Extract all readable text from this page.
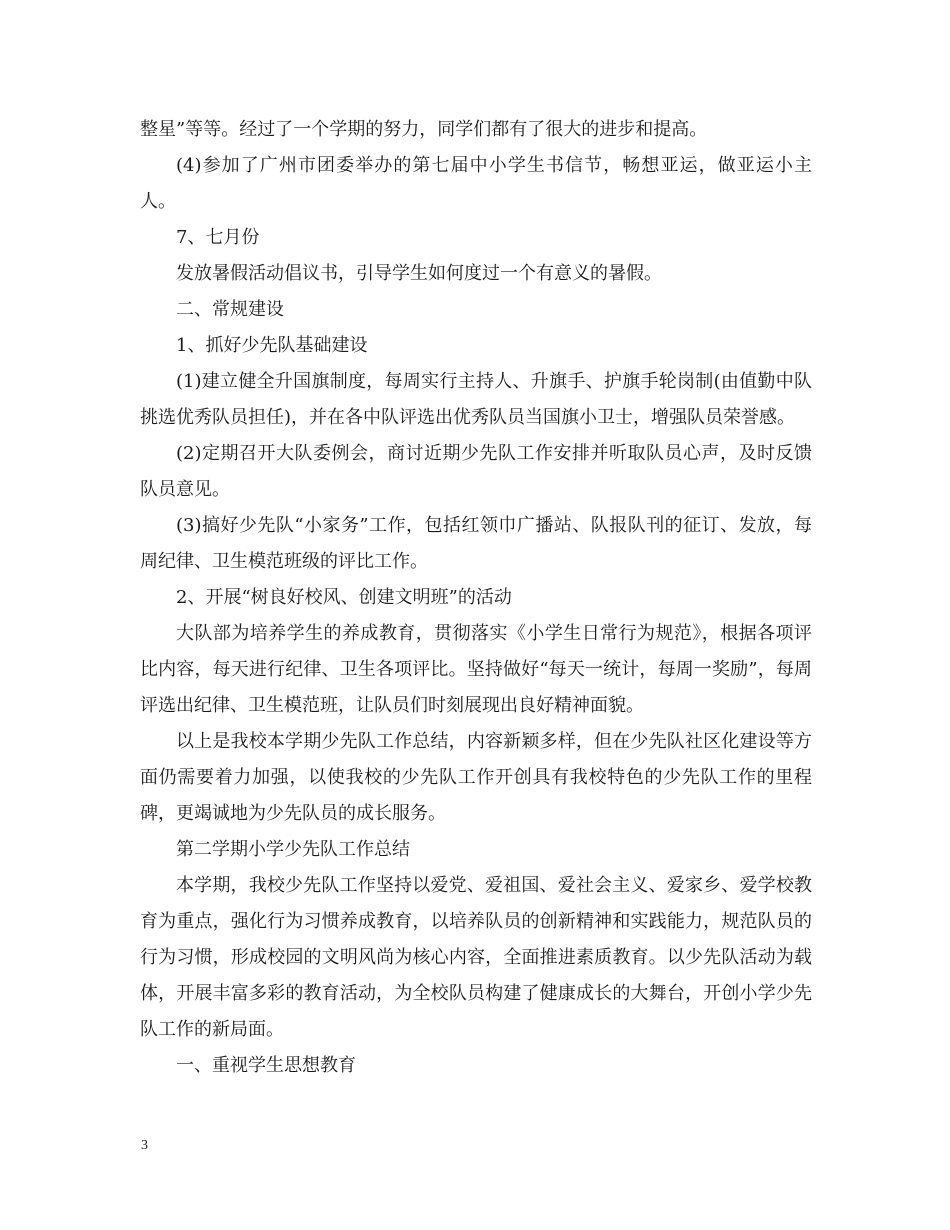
整星”等等。经过了一个学期的努力，同学们都有了很大的进步和提高。

(4)参加了广州市团委举办的第七届中小学生书信节，畅想亚运，做亚运小主人。

7、七月份

发放暑假活动倡议书，引导学生如何度过一个有意义的暑假。

二、常规建设

1、抓好少先队基础建设

(1)建立健全升国旗制度，每周实行主持人、升旗手、护旗手轮岗制(由值勤中队挑选优秀队员担任)，并在各中队评选出优秀队员当国旗小卫士，增强队员荣誉感。

(2)定期召开大队委例会，商讨近期少先队工作安排并听取队员心声，及时反馈队员意见。

(3)搞好少先队“小家务”工作，包括红领巾广播站、队报队刊的征订、发放，每周纪律、卫生模范班级的评比工作。

2、开展“树良好校风、创建文明班”的活动

大队部为培养学生的养成教育，贯彻落实《小学生日常行为规范》，根据各项评比内容，每天进行纪律、卫生各项评比。坚持做好“每天一统计，每周一奖励”，每周评选出纪律、卫生模范班，让队员们时刻展现出良好精神面貌。

以上是我校本学期少先队工作总结，内容新颖多样，但在少先队社区化建设等方面仍需要着力加强，以使我校的少先队工作开创具有我校特色的少先队工作的里程碑，更竭诚地为少先队员的成长服务。

第二学期小学少先队工作总结

本学期，我校少先队工作坚持以爱党、爱祖国、爱社会主义、爱家乡、爱学校教育为重点，强化行为习惯养成教育，以培养队员的创新精神和实践能力，规范队员的行为习惯，形成校园的文明风尚为核心内容，全面推进素质教育。以少先队活动为载体，开展丰富多彩的教育活动，为全校队员构建了健康成长的大舞台，开创小学少先队工作的新局面。

一、重视学生思想教育

3
